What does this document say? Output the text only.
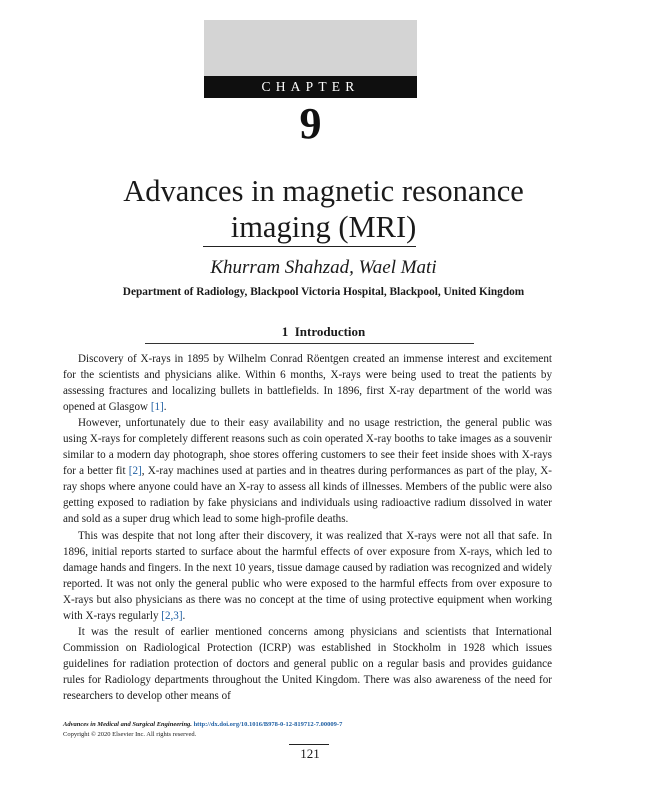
CHAPTER
9
Advances in magnetic resonance
imaging (MRI)
Khurram Shahzad, Wael Mati
Department of Radiology, Blackpool Victoria Hospital, Blackpool, United Kingdom
1 Introduction

Discovery of X-rays in 1895 by Wilhelm Conrad Röentgen created an immense interest and excitement for the scientists and physicians alike. Within 6 months, X-rays were being used to treat the patients by assessing fractures and localizing bullets in battlefields. In 1896, first X-ray department of the world was opened at Glasgow [1].

However, unfortunately due to their easy availability and no usage restriction, the general public was using X-rays for completely different reasons such as coin operated X-ray booths to take images as a souvenir similar to a modern day photograph, shoe stores offering customers to see their feet inside shoes with X-rays for a better fit [2], X-ray machines used at parties and in theatres during performances as part of the play, X-ray shops where anyone could have an X-ray to assess all kinds of illnesses. Members of the public were also getting exposed to radiation by fake physicians and individuals using radioactive radium dissolved in water and sold as a super drug which lead to some high-profile deaths.

This was despite that not long after their discovery, it was realized that X-rays were not all that safe. In 1896, initial reports started to surface about the harmful effects of over exposure from X-rays, which led to damage hands and fingers. In the next 10 years, tissue damage caused by radiation was recognized and widely reported. It was not only the general public who were exposed to the harmful effects from over exposure to X-rays but also physicians as there was no concept at the time of using protective equipment when working with X-rays regularly [2,3].

It was the result of earlier mentioned concerns among physicians and scientists that International Commission on Radiological Protection (ICRP) was established in Stockholm in 1928 which issues guidelines for radiation protection of doctors and general public on a regular basis and provides guidance rules for Radiology departments throughout the United Kingdom. There was also awareness of the need for researchers to develop other means of

Advances in Medical and Surgical Engineering. http://dx.doi.org/10.1016/B978-0-12-819712-7.00009-7
Copyright © 2020 Elsevier Inc. All rights reserved.
121
